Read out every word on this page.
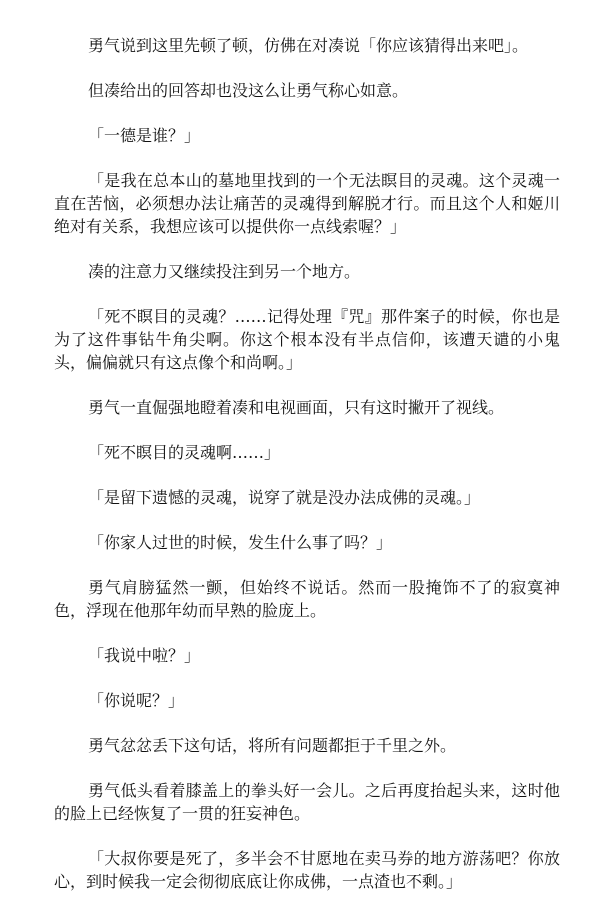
勇气说到这里先顿了顿，仿佛在对凑说「你应该猜得出来吧」。

但凑给出的回答却也没这么让勇气称心如意。

「一德是谁？」

「是我在总本山的墓地里找到的一个无法瞑目的灵魂。这个灵魂一直在苦恼，必须想办法让痛苦的灵魂得到解脱才行。而且这个人和姬川绝对有关系，我想应该可以提供你一点线索喔？」

凑的注意力又继续投注到另一个地方。

「死不瞑目的灵魂？……记得处理『咒』那件案子的时候，你也是为了这件事钻牛角尖啊。你这个根本没有半点信仰，该遭天谴的小鬼头，偏偏就只有这点像个和尚啊。」

勇气一直倔强地瞪着凑和电视画面，只有这时撇开了视线。

「死不瞑目的灵魂啊……」

「是留下遗憾的灵魂，说穿了就是没办法成佛的灵魂。」

「你家人过世的时候，发生什么事了吗？」

勇气肩膀猛然一颤，但始终不说话。然而一股掩饰不了的寂寞神色，浮现在他那年幼而早熟的脸庞上。

「我说中啦？」

「你说呢？」

勇气忿忿丢下这句话，将所有问题都拒于千里之外。

勇气低头看着膝盖上的拳头好一会儿。之后再度抬起头来，这时他的脸上已经恢复了一贯的狂妄神色。

「大叔你要是死了，多半会不甘愿地在卖马券的地方游荡吧？你放心，到时候我一定会彻彻底底让你成佛，一点渣也不剩。」
